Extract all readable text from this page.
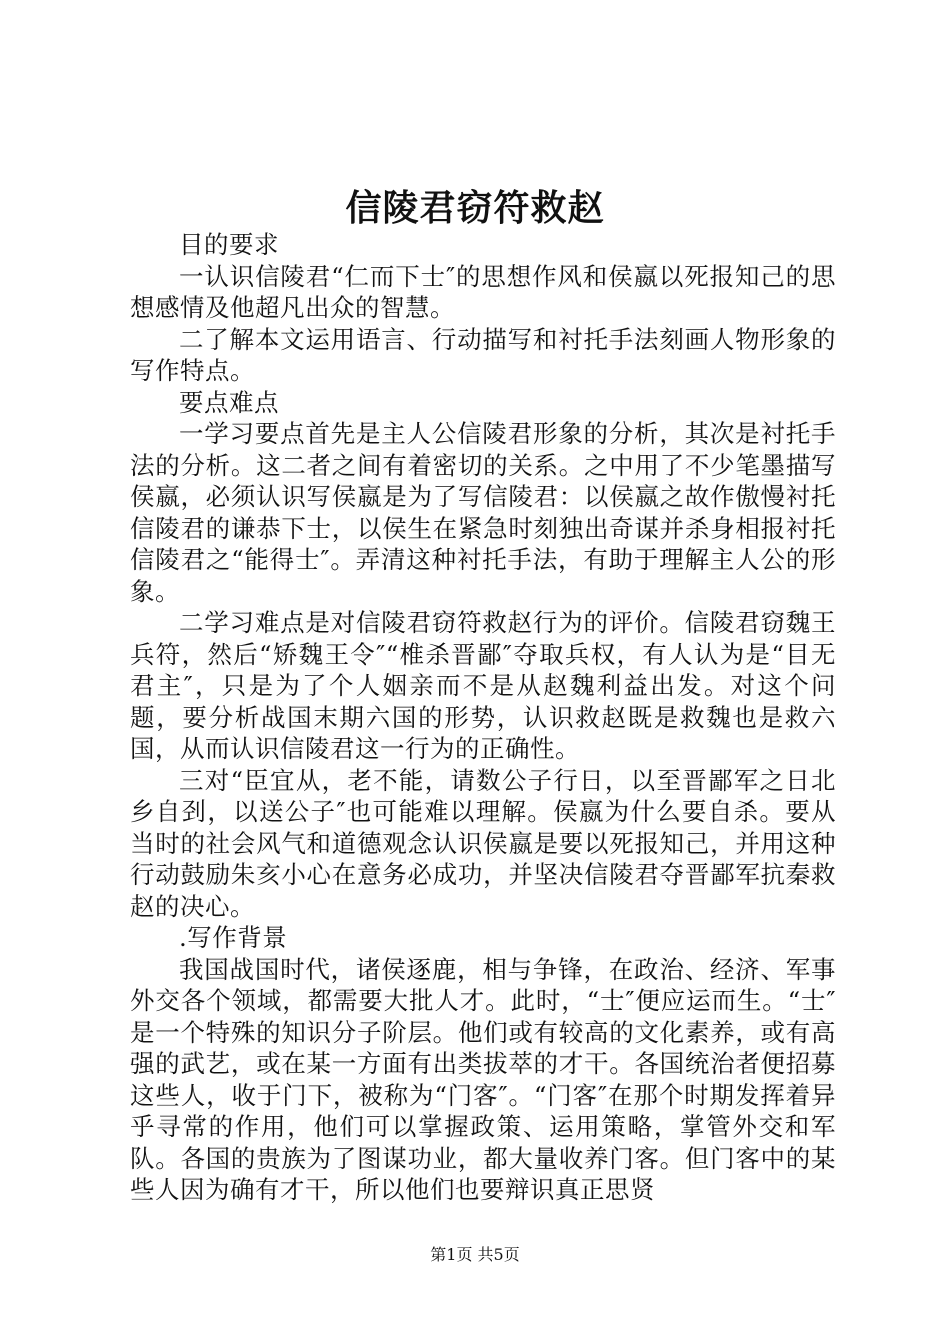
信陵君窃符救赵

目的要求

一认识信陵君“仁而下士″的思想作风和侯嬴以死报知己的思想感情及他超凡出众的智慧。

二了解本文运用语言、行动描写和衬托手法刻画人物形象的写作特点。

要点难点

一学习要点首先是主人公信陵君形象的分析，其次是衬托手法的分析。这二者之间有着密切的关系。之中用了不少笔墨描写侯嬴，必须认识写侯嬴是为了写信陵君：以侯嬴之故作傲慢衬托信陵君的谦恭下士，以侯生在紧急时刻独出奇谋并杀身相报衬托信陵君之“能得士″。弄清这种衬托手法，有助于理解主人公的形象。

二学习难点是对信陵君窃符救赵行为的评价。信陵君窃魏王兵符，然后“矫魏王令″“椎杀晋鄙″夺取兵权，有人认为是“目无君主″，只是为了个人姻亲而不是从赵魏利益出发。对这个问题，要分析战国末期六国的形势，认识救赵既是救魏也是救六国，从而认识信陵君这一行为的正确性。

三对“臣宜从，老不能，请数公子行日，以至晋鄙军之日北乡自刭，以送公子″也可能难以理解。侯嬴为什么要自杀。要从当时的社会风气和道德观念认识侯嬴是要以死报知己，并用这种行动鼓励朱亥小心在意务必成功，并坚决信陵君夺晋鄙军抗秦救赵的决心。

.写作背景

我国战国时代，诸侯逐鹿，相与争锋，在政治、经济、军事外交各个领域，都需要大批人才。此时，“士″便应运而生。“士″是一个特殊的知识分子阶层。他们或有较高的文化素养，或有高强的武艺，或在某一方面有出类拔萃的才干。各国统治者便招募这些人，收于门下，被称为“门客″。“门客″在那个时期发挥着异乎寻常的作用，他们可以掌握政策、运用策略，掌管外交和军队。各国的贵族为了图谋功业，都大量收养门客。但门客中的某些人因为确有才干，所以他们也要辩识真正思贤

第1页 共5页
